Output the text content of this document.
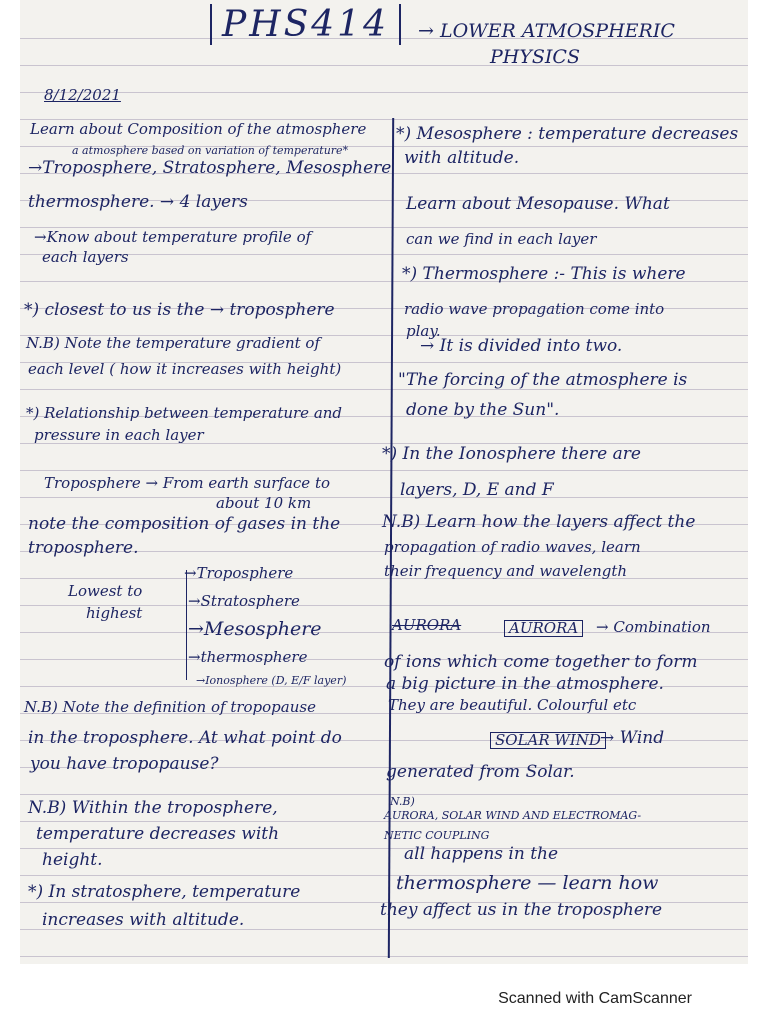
PHS414	→ LOWER ATMOSPHERIC
PHYSICS
8/12/2021
Learn about Composition of the atmosphere
a atmosphere based on variation of temperature*
→Troposphere, Stratosphere, Mesosphere
thermosphere. → 4 layers
→Know about temperature profile of
each layers
*) closest to us is the → troposphere
N.B) Note the temperature gradient of
each level ( how it increases with height)
*) Relationship between temperature and
pressure in each layer
Troposphere → From earth surface to
about 10 km
note the composition of gases in the
troposphere.
Lowest to
highest
→Troposphere
→Stratosphere
→Mesosphere
→thermosphere
→Ionosphere (D, E/F layer)
N.B) Note the definition of tropopause
in the troposphere. At what point do
you have tropopause?
N.B) Within the troposphere,
temperature decreases with
height.
*) In stratosphere, temperature
increases with altitude.
*) Mesosphere : temperature decreases
with altitude.
Learn about Mesopause. What
can we find in each layer
*) Thermosphere :- This is where
radio wave propagation come into
play.
→ It is divided into two.
"The forcing of the atmosphere is
done by the Sun".
*) In the Ionosphere there are
layers, D, E and F
N.B) Learn how the layers affect the
propagation of radio waves, learn
their frequency and wavelength
AURORA	AURORA	→ Combination
of ions which come together to form
a big picture in the atmosphere.
They are beautiful. Colourful etc
SOLAR WIND → Wind
generated from Solar.
N.B)
AURORA, SOLAR WIND AND ELECTROMAG-
NETIC COUPLING
all happens in the
thermosphere — learn how
they affect us in the troposphere
Scanned with CamScanner
